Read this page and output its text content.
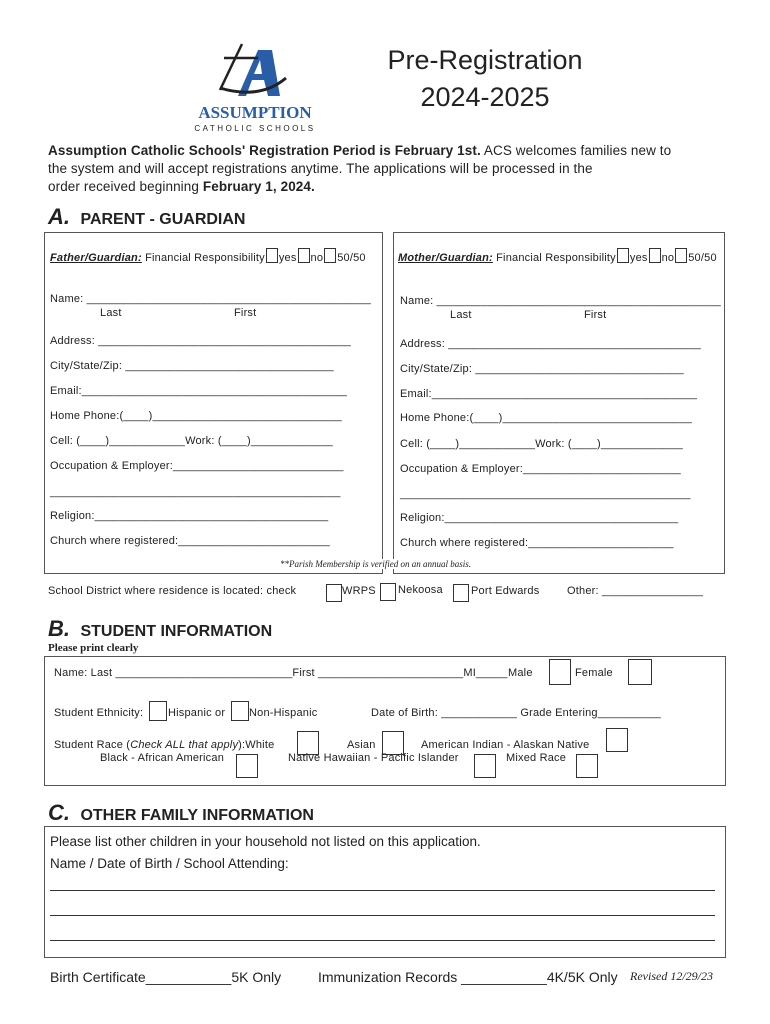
ASSUMPTION
CATHOLIC SCHOOLS
Pre-Registration
2024-2025
Assumption Catholic Schools' Registration Period is February 1st. ACS welcomes families new to
the system and will accept registrations anytime. The applications will be processed in the
order received beginning February 1, 2024.
A. PARENT - GUARDIAN
Father/Guardian: Financial Responsibility yes no 50/50
Name: _____________________________________________
Last	First
Address: ________________________________________
City/State/Zip: _________________________________
Email:__________________________________________
Home Phone:(____)______________________________
Cell: (____)____________Work: (____)_____________
Occupation & Employer:___________________________
______________________________________________
Religion:_____________________________________
Church where registered:________________________
Mother/Guardian: Financial Responsibility yes no 50/50
Name: _____________________________________________
Last	First
Address: ________________________________________
City/State/Zip: _________________________________
Email:__________________________________________
Home Phone:(____)______________________________
Cell: (____)____________Work: (____)_____________
Occupation & Employer:_________________________
______________________________________________
Religion:_____________________________________
Church where registered:_______________________
**Parish Membership is verified on an annual basis.
School District where residence is located: check	WRPS Nekoosa	Port Edwards	Other: ________________
B. STUDENT INFORMATION
Please print clearly
Name: Last ____________________________First _______________________MI_____ Male	Female
Student Ethnicity: Hispanic or Non-Hispanic	Date of Birth: ____________ Grade Entering__________
Student Race (Check ALL that apply):White	Asian	American Indian - Alaskan Native
Black - African American	Native Hawaiian - Pacific Islander	Mixed Race
C. OTHER FAMILY INFORMATION
Please list other children in your household not listed on this application.
Name / Date of Birth / School Attending:
Birth Certificate___________5K Only	Immunization Records ___________4K/5K Only Revised 12/29/23
